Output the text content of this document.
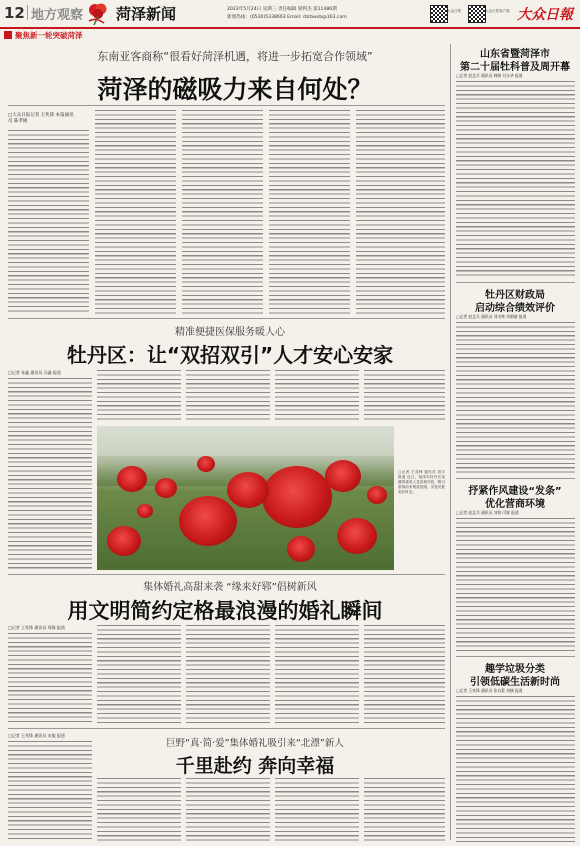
12 地方观察 菏泽新闻	2023年5月24日 星期三 责任编辑 梁利杰 第11486期
新闻热线：(0530)5338663 Email: dzrbwsb@163.com
大众日报	大众日报客户端 大众日報
聚焦新一轮突破菏泽
东南亚客商称“很看好菏泽机遇，将进一步拓宽合作领域”
菏泽的磁吸力来自何处？
□大众日报记者 王兆锋 本报通讯员 陈孝刚
山东省暨菏泽市
第二十届牡科普及周开幕
□记者 赵念兵 通讯员 韩娟 付永华 报道
牡丹区财政局
启动综合绩效评价
□记者 赵念兵 通讯员 刘书林 刘朝倩 报道
抒紧作风建设“发条”
优化营商环境
□记者 赵念兵 通讯员 刘培 闫霖 报道
趣学垃圾分类
引领低碳生活新时尚
□记者 王兆锋 通讯员 张启蒙 刘楠 报道
精准便捷医保服务暖人心
牡丹区：让“双招双引”人才安心安家
□记者 张鑫 通讯员 冯鑫 报道
□记者 王兆锋 通讯员 刘宇 报道 近日，菏泽市牡丹区皇镇的虞美人花竞相开放，吸引游客前来观赏拍照，享受初夏美好时光。
集体婚礼高甜来袭 “缘来好郓”倡树新风
用文明简约定格最浪漫的婚礼瞬间
□记者 王兆锋 通讯员 郑海 报道
□记者 王兆锋 通讯员 宋俊 报道
巨野“真·简·爱”集体婚礼吸引来“北漂”新人
千里赴约 奔向幸福
